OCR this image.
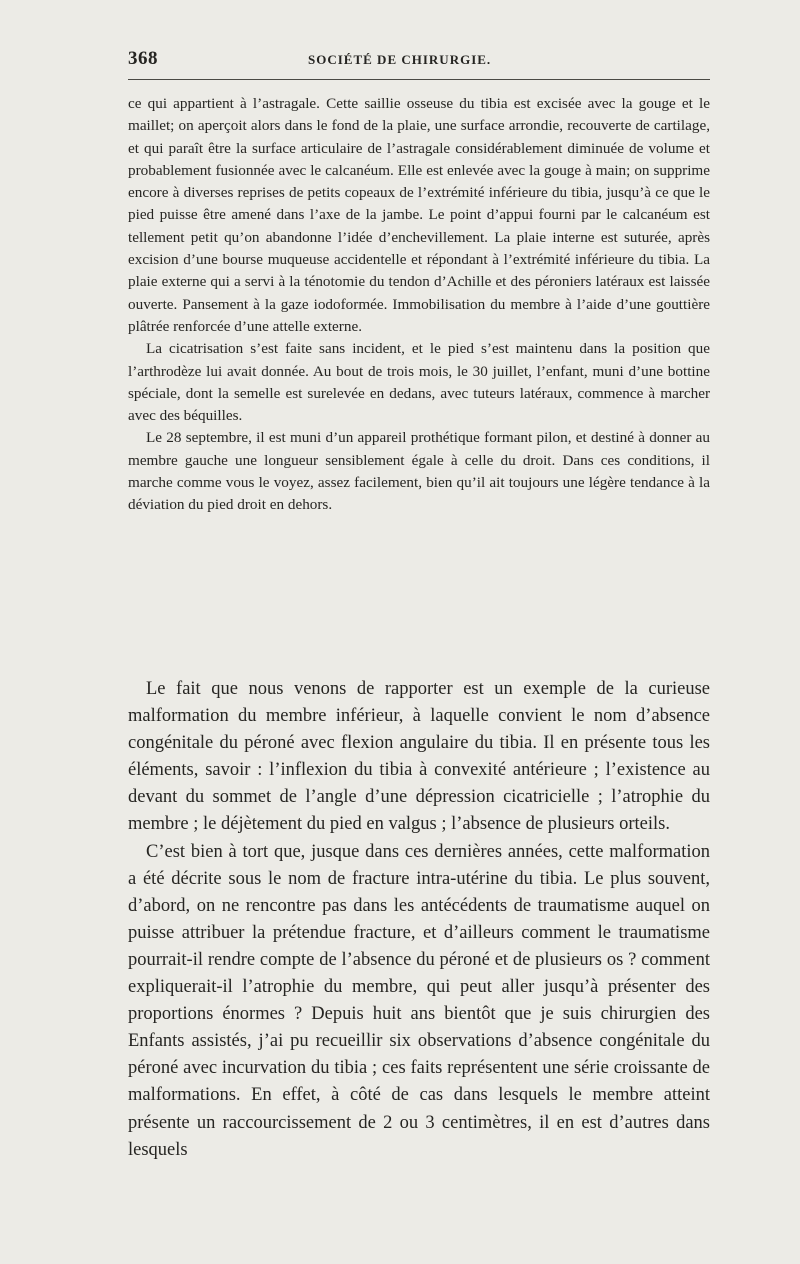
368	SOCIÉTÉ DE CHIRURGIE.

ce qui appartient à l’astragale. Cette saillie osseuse du tibia est excisée avec la gouge et le maillet; on aperçoit alors dans le fond de la plaie, une surface arrondie, recouverte de cartilage, et qui paraît être la surface articulaire de l’astragale considérablement diminuée de volume et probablement fusionnée avec le calcanéum. Elle est enlevée avec la gouge à main; on supprime encore à diverses reprises de petits copeaux de l’extrémité inférieure du tibia, jusqu’à ce que le pied puisse être amené dans l’axe de la jambe. Le point d’appui fourni par le calcanéum est tellement petit qu’on abandonne l’idée d’enchevillement. La plaie interne est suturée, après excision d’une bourse muqueuse accidentelle et répondant à l’extrémité inférieure du tibia. La plaie externe qui a servi à la ténotomie du tendon d’Achille et des péroniers latéraux est laissée ouverte. Pansement à la gaze iodoformée. Immobilisation du membre à l’aide d’une gouttière plâtrée renforcée d’une attelle externe.

La cicatrisation s’est faite sans incident, et le pied s’est maintenu dans la position que l’arthrodèze lui avait donnée. Au bout de trois mois, le 30 juillet, l’enfant, muni d’une bottine spéciale, dont la semelle est surelevée en dedans, avec tuteurs latéraux, commence à marcher avec des béquilles.

Le 28 septembre, il est muni d’un appareil prothétique formant pilon, et destiné à donner au membre gauche une longueur sensiblement égale à celle du droit. Dans ces conditions, il marche comme vous le voyez, assez facilement, bien qu’il ait toujours une légère tendance à la déviation du pied droit en dehors.

Le fait que nous venons de rapporter est un exemple de la curieuse malformation du membre inférieur, à laquelle convient le nom d’absence congénitale du péroné avec flexion angulaire du tibia. Il en présente tous les éléments, savoir : l’inflexion du tibia à convexité antérieure ; l’existence au devant du sommet de l’angle d’une dépression cicatricielle ; l’atrophie du membre ; le déjètement du pied en valgus ; l’absence de plusieurs orteils.

C’est bien à tort que, jusque dans ces dernières années, cette malformation a été décrite sous le nom de fracture intra-utérine du tibia. Le plus souvent, d’abord, on ne rencontre pas dans les antécédents de traumatisme auquel on puisse attribuer la prétendue fracture, et d’ailleurs comment le traumatisme pourrait-il rendre compte de l’absence du péroné et de plusieurs os ? comment expliquerait-il l’atrophie du membre, qui peut aller jusqu’à présenter des proportions énormes ? Depuis huit ans bientôt que je suis chirurgien des Enfants assistés, j’ai pu recueillir six observations d’absence congénitale du péroné avec incurvation du tibia ; ces faits représentent une série croissante de malformations. En effet, à côté de cas dans lesquels le membre atteint présente un raccourcissement de 2 ou 3 centimètres, il en est d’autres dans lesquels
